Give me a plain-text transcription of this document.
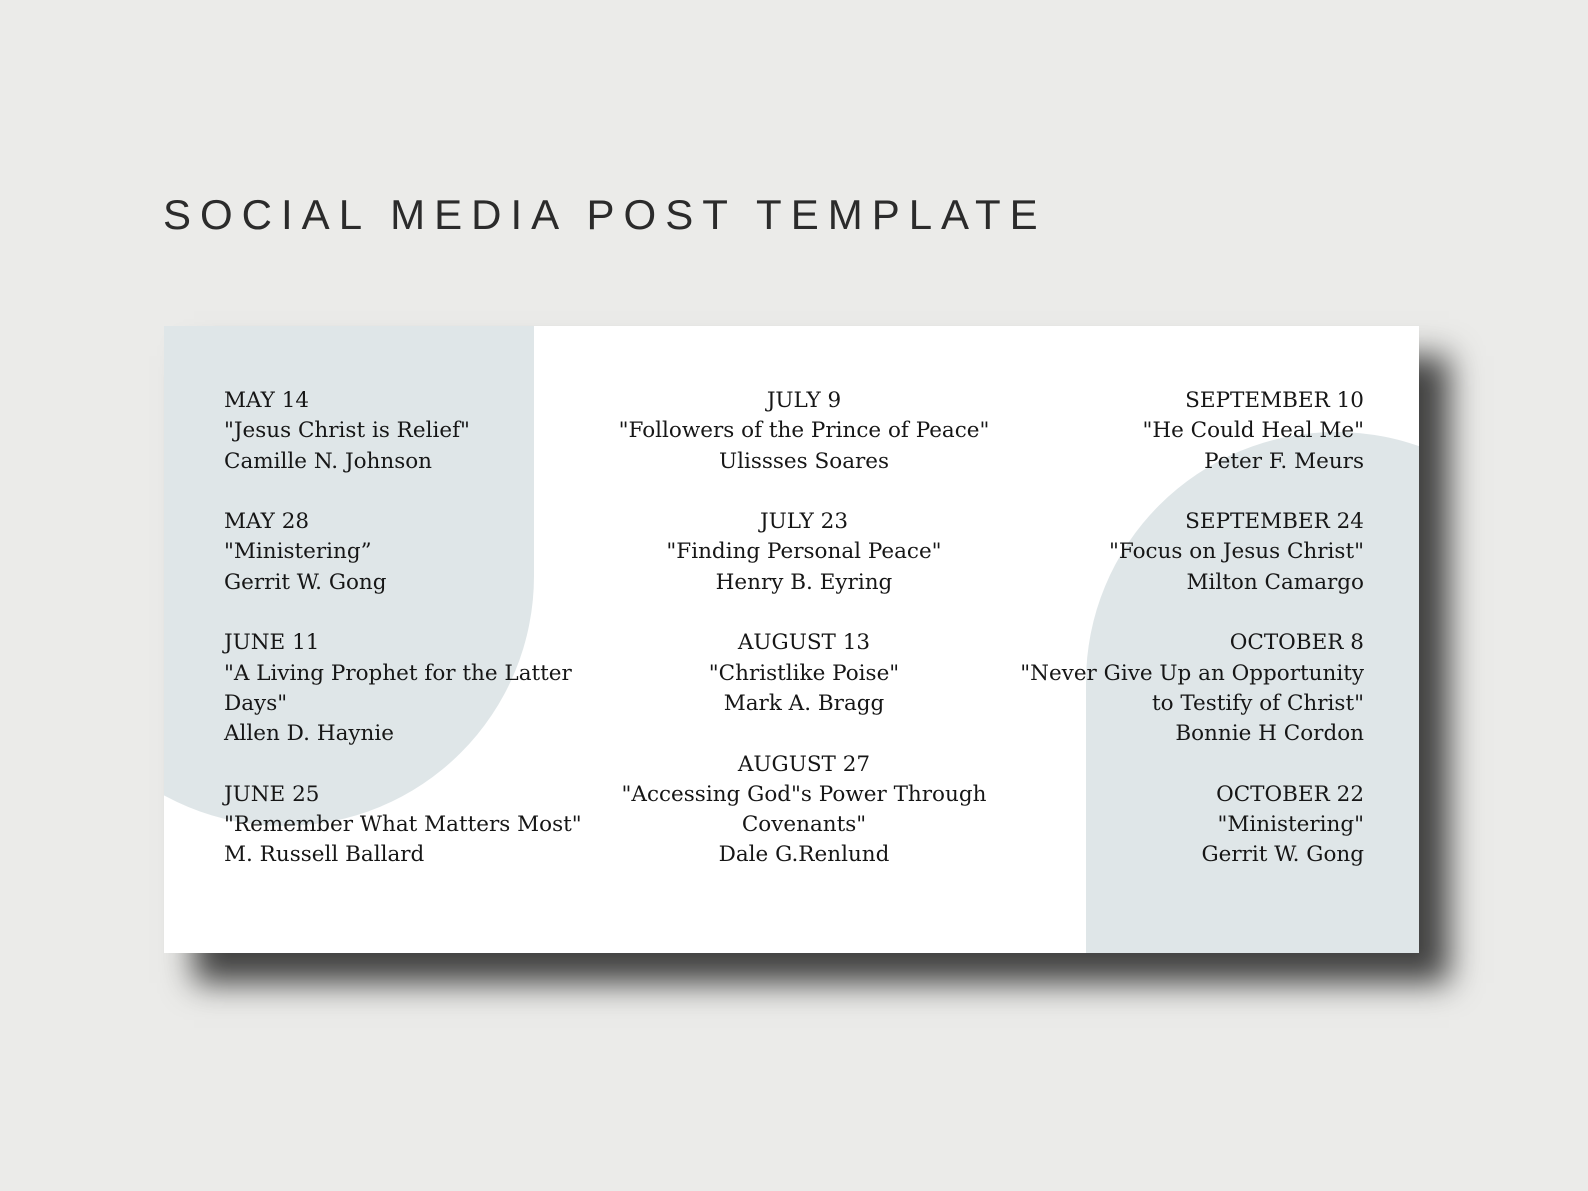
SOCIAL MEDIA POST TEMPLATE
MAY 14
"Jesus Christ is Relief"
Camille N. Johnson
MAY 28
"Ministering”
Gerrit W. Gong
JUNE 11
"A Living Prophet for the Latter Days"
Allen D. Haynie
JUNE 25
"Remember What Matters Most"
M. Russell Ballard
JULY 9
"Followers of the Prince of Peace"
Ulissses Soares
JULY 23
"Finding Personal Peace"
Henry B. Eyring
AUGUST 13
"Christlike Poise"
Mark A. Bragg
AUGUST 27
"Accessing God"s Power Through Covenants"
Dale G.Renlund
SEPTEMBER 10
"He Could Heal Me"
Peter F. Meurs
SEPTEMBER 24
"Focus on Jesus Christ"
Milton Camargo
OCTOBER 8
"Never Give Up an Opportunity to Testify of Christ"
Bonnie H Cordon
OCTOBER 22
"Ministering"
Gerrit W. Gong
